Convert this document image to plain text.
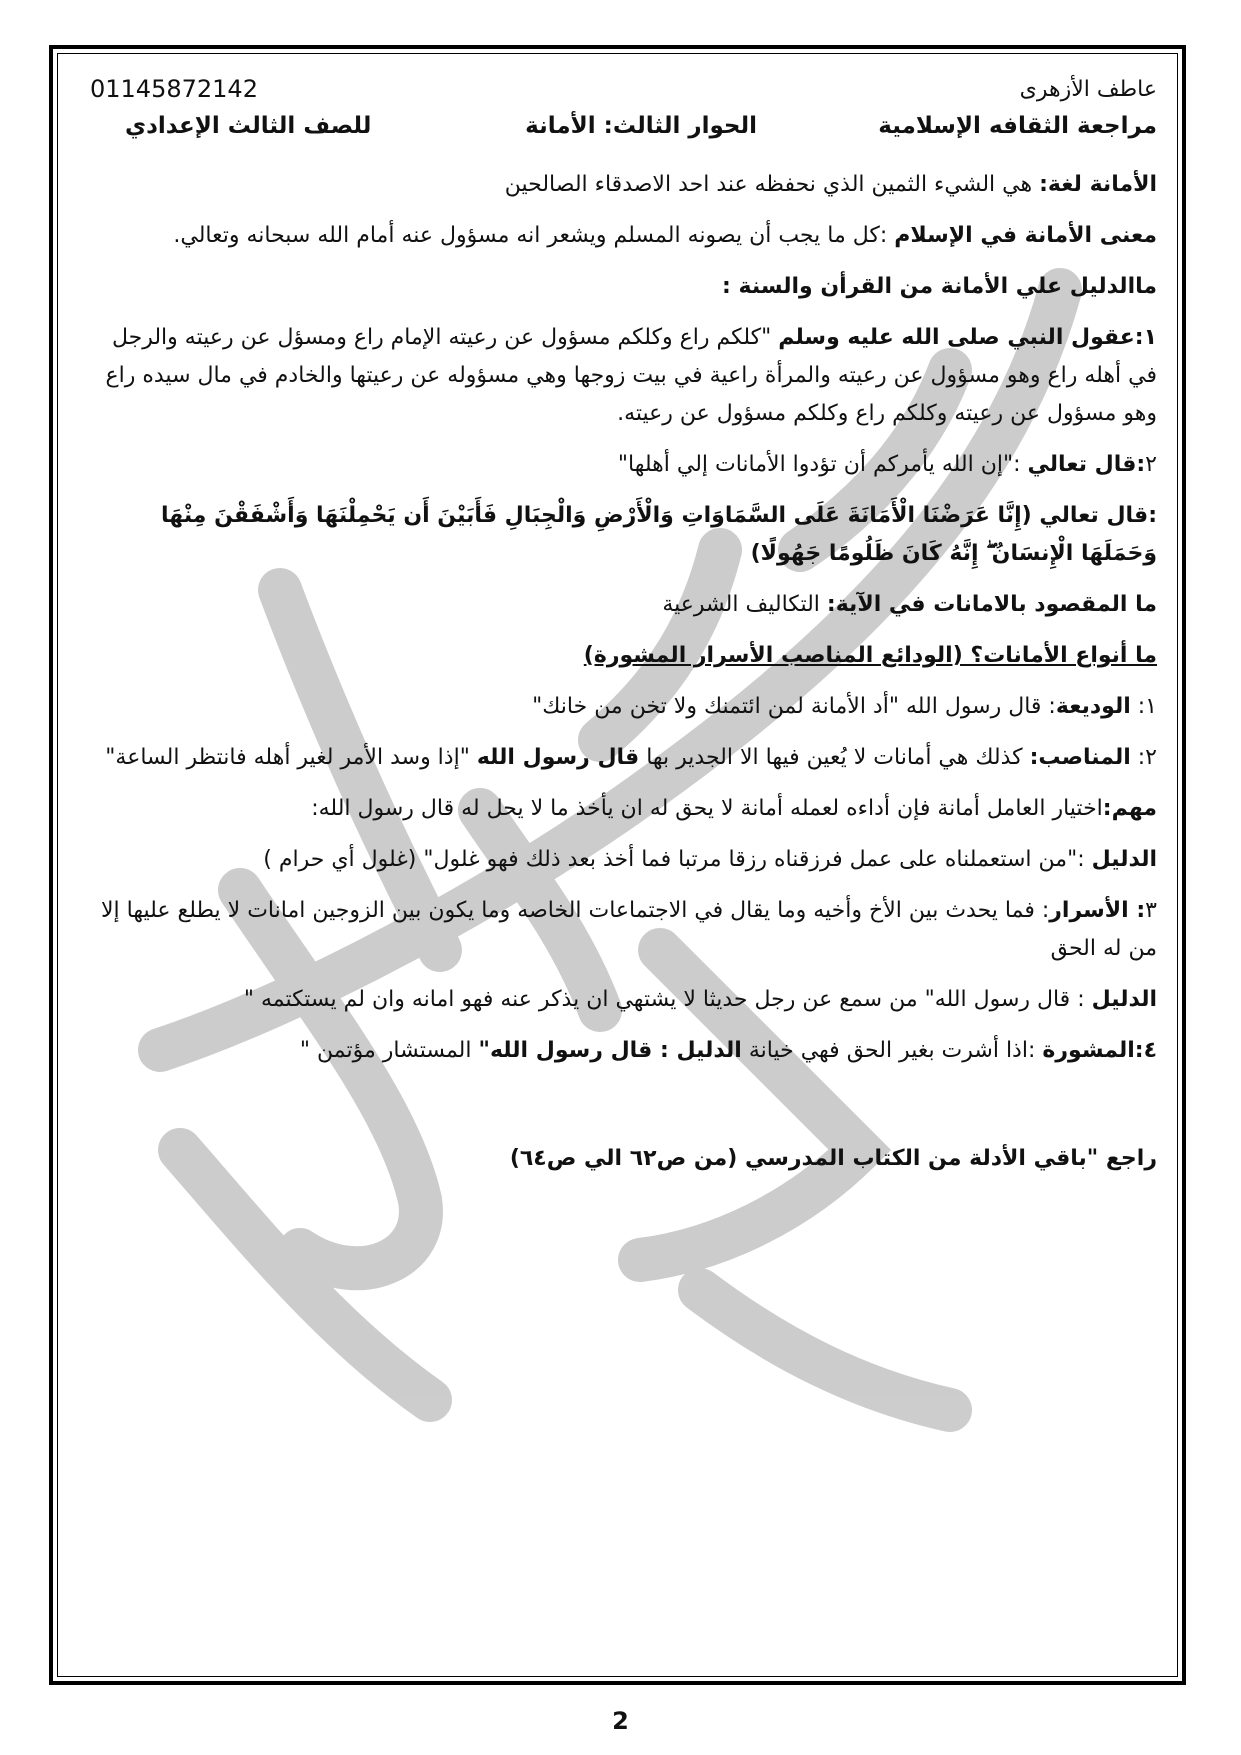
عاطف الأزهرى
01145872142
مراجعة الثقافه الإسلامية
الحوار الثالث: الأمانة
للصف الثالث الإعدادي

الأمانة لغة: هي الشيء الثمين الذي نحفظه عند احد الاصدقاء الصالحين

معنى الأمانة في الإسلام :كل ما يجب أن يصونه المسلم ويشعر انه مسؤول عنه أمام الله سبحانه وتعالي.

ماالدليل علي الأمانة من القرأن والسنة :

١:عقول النبي صلى الله عليه وسلم "كلكم راع وكلكم مسؤول عن رعيته الإمام راع ومسؤل عن رعيته والرجل في أهله راع وهو مسؤول عن رعيته والمرأة راعية في بيت زوجها وهي مسؤوله عن رعيتها والخادم في مال سيده راع وهو مسؤول عن رعيته وكلكم راع وكلكم مسؤول عن رعيته.

٢:قال تعالي :"إن الله يأمركم أن تؤدوا الأمانات إلي أهلها"

:قال تعالي (إِنَّا عَرَضْنَا الْأَمَانَةَ عَلَى السَّمَاوَاتِ وَالْأَرْضِ وَالْجِبَالِ فَأَبَيْنَ أَن يَحْمِلْنَهَا وَأَشْفَقْنَ مِنْهَا وَحَمَلَهَا الْإِنسَانُ ۖ إِنَّهُ كَانَ ظَلُومًا جَهُولًا)

ما المقصود بالامانات في الآية: التكاليف الشرعية

ما أنواع الأمانات؟ (الودائع المناصب الأسرار المشورة)

١: الوديعة: قال رسول الله "أد الأمانة لمن ائتمنك ولا تخن من خانك"

٢: المناصب: كذلك هي أمانات لا يُعين فيها الا الجدير بها قال رسول الله "إذا وسد الأمر لغير أهله فانتظر الساعة"

مهم:اختيار العامل أمانة فإن أداءه لعمله أمانة لا يحق له ان يأخذ ما لا يحل له قال رسول الله:

الدليل :"من استعملناه على عمل فرزقناه رزقا مرتبا فما أخذ بعد ذلك فهو غلول" (غلول أي حرام )

٣: الأسرار: فما يحدث بين الأخ وأخيه وما يقال في الاجتماعات الخاصه وما يكون بين الزوجين امانات لا يطلع عليها إلا من له الحق

الدليل : قال رسول الله" من سمع عن رجل حديثا لا يشتهي ان يذكر عنه فهو امانه وان لم يستكتمه "

٤:المشورة :اذا أشرت بغير الحق فهي خيانة الدليل : قال رسول الله" المستشار مؤتمن "

راجع "باقي الأدلة من الكتاب المدرسي (من ص٦٢ الي ص٦٤)

2
